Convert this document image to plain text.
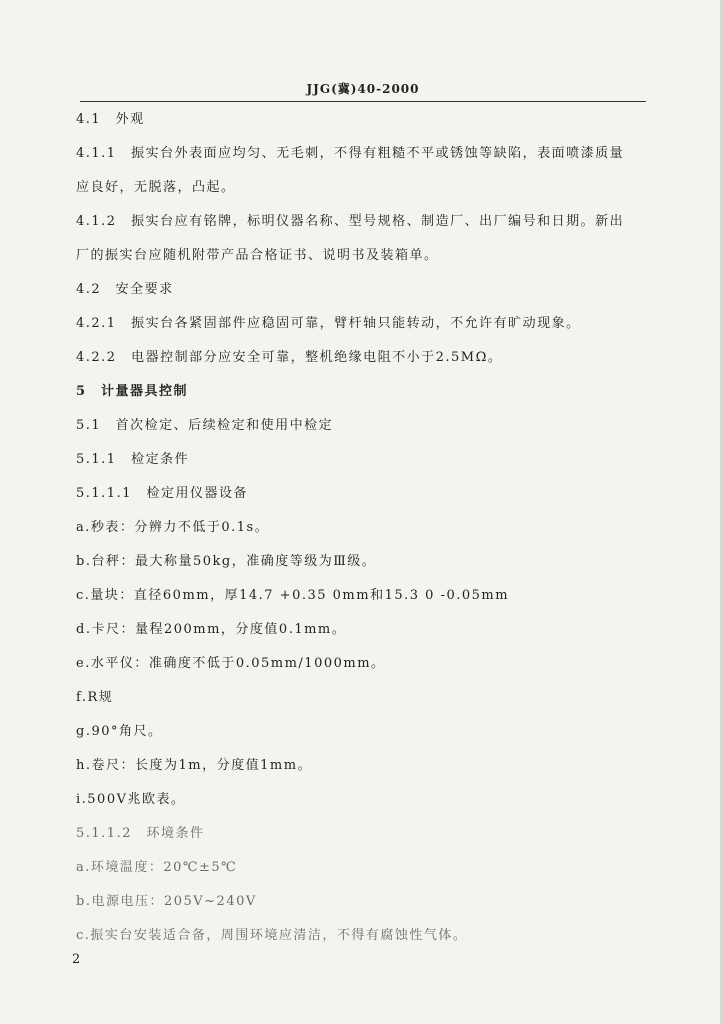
JJG(冀)40-2000
4.1　外观
4.1.1　振实台外表面应均匀、无毛刺，不得有粗糙不平或锈蚀等缺陷，表面喷漆质量
应良好，无脱落，凸起。
4.1.2　振实台应有铭牌，标明仪器名称、型号规格、制造厂、出厂编号和日期。新出
厂的振实台应随机附带产品合格证书、说明书及装箱单。
4.2　安全要求
4.2.1　振实台各紧固部件应稳固可靠，臂杆轴只能转动，不允许有旷动现象。
4.2.2　电器控制部分应安全可靠，整机绝缘电阻不小于2.5MΩ。
5　计量器具控制
5.1　首次检定、后续检定和使用中检定
5.1.1　检定条件
5.1.1.1　检定用仪器设备
a.秒表：分辨力不低于0.1s。
b.台秤：最大称量50kg，准确度等级为Ⅲ级。
c.量块：直径60mm，厚14.7 +0.35 0mm和15.3 0 -0.05mm
d.卡尺：量程200mm，分度值0.1mm。
e.水平仪：准确度不低于0.05mm/1000mm。
f.R规
g.90°角尺。
h.卷尺：长度为1m，分度值1mm。
i.500V兆欧表。
5.1.1.2　环境条件
a.环境温度：20℃±5℃
b.电源电压：205V~240V
c.振实台安装适合备，周围环境应清洁，不得有腐蚀性气体。
2
